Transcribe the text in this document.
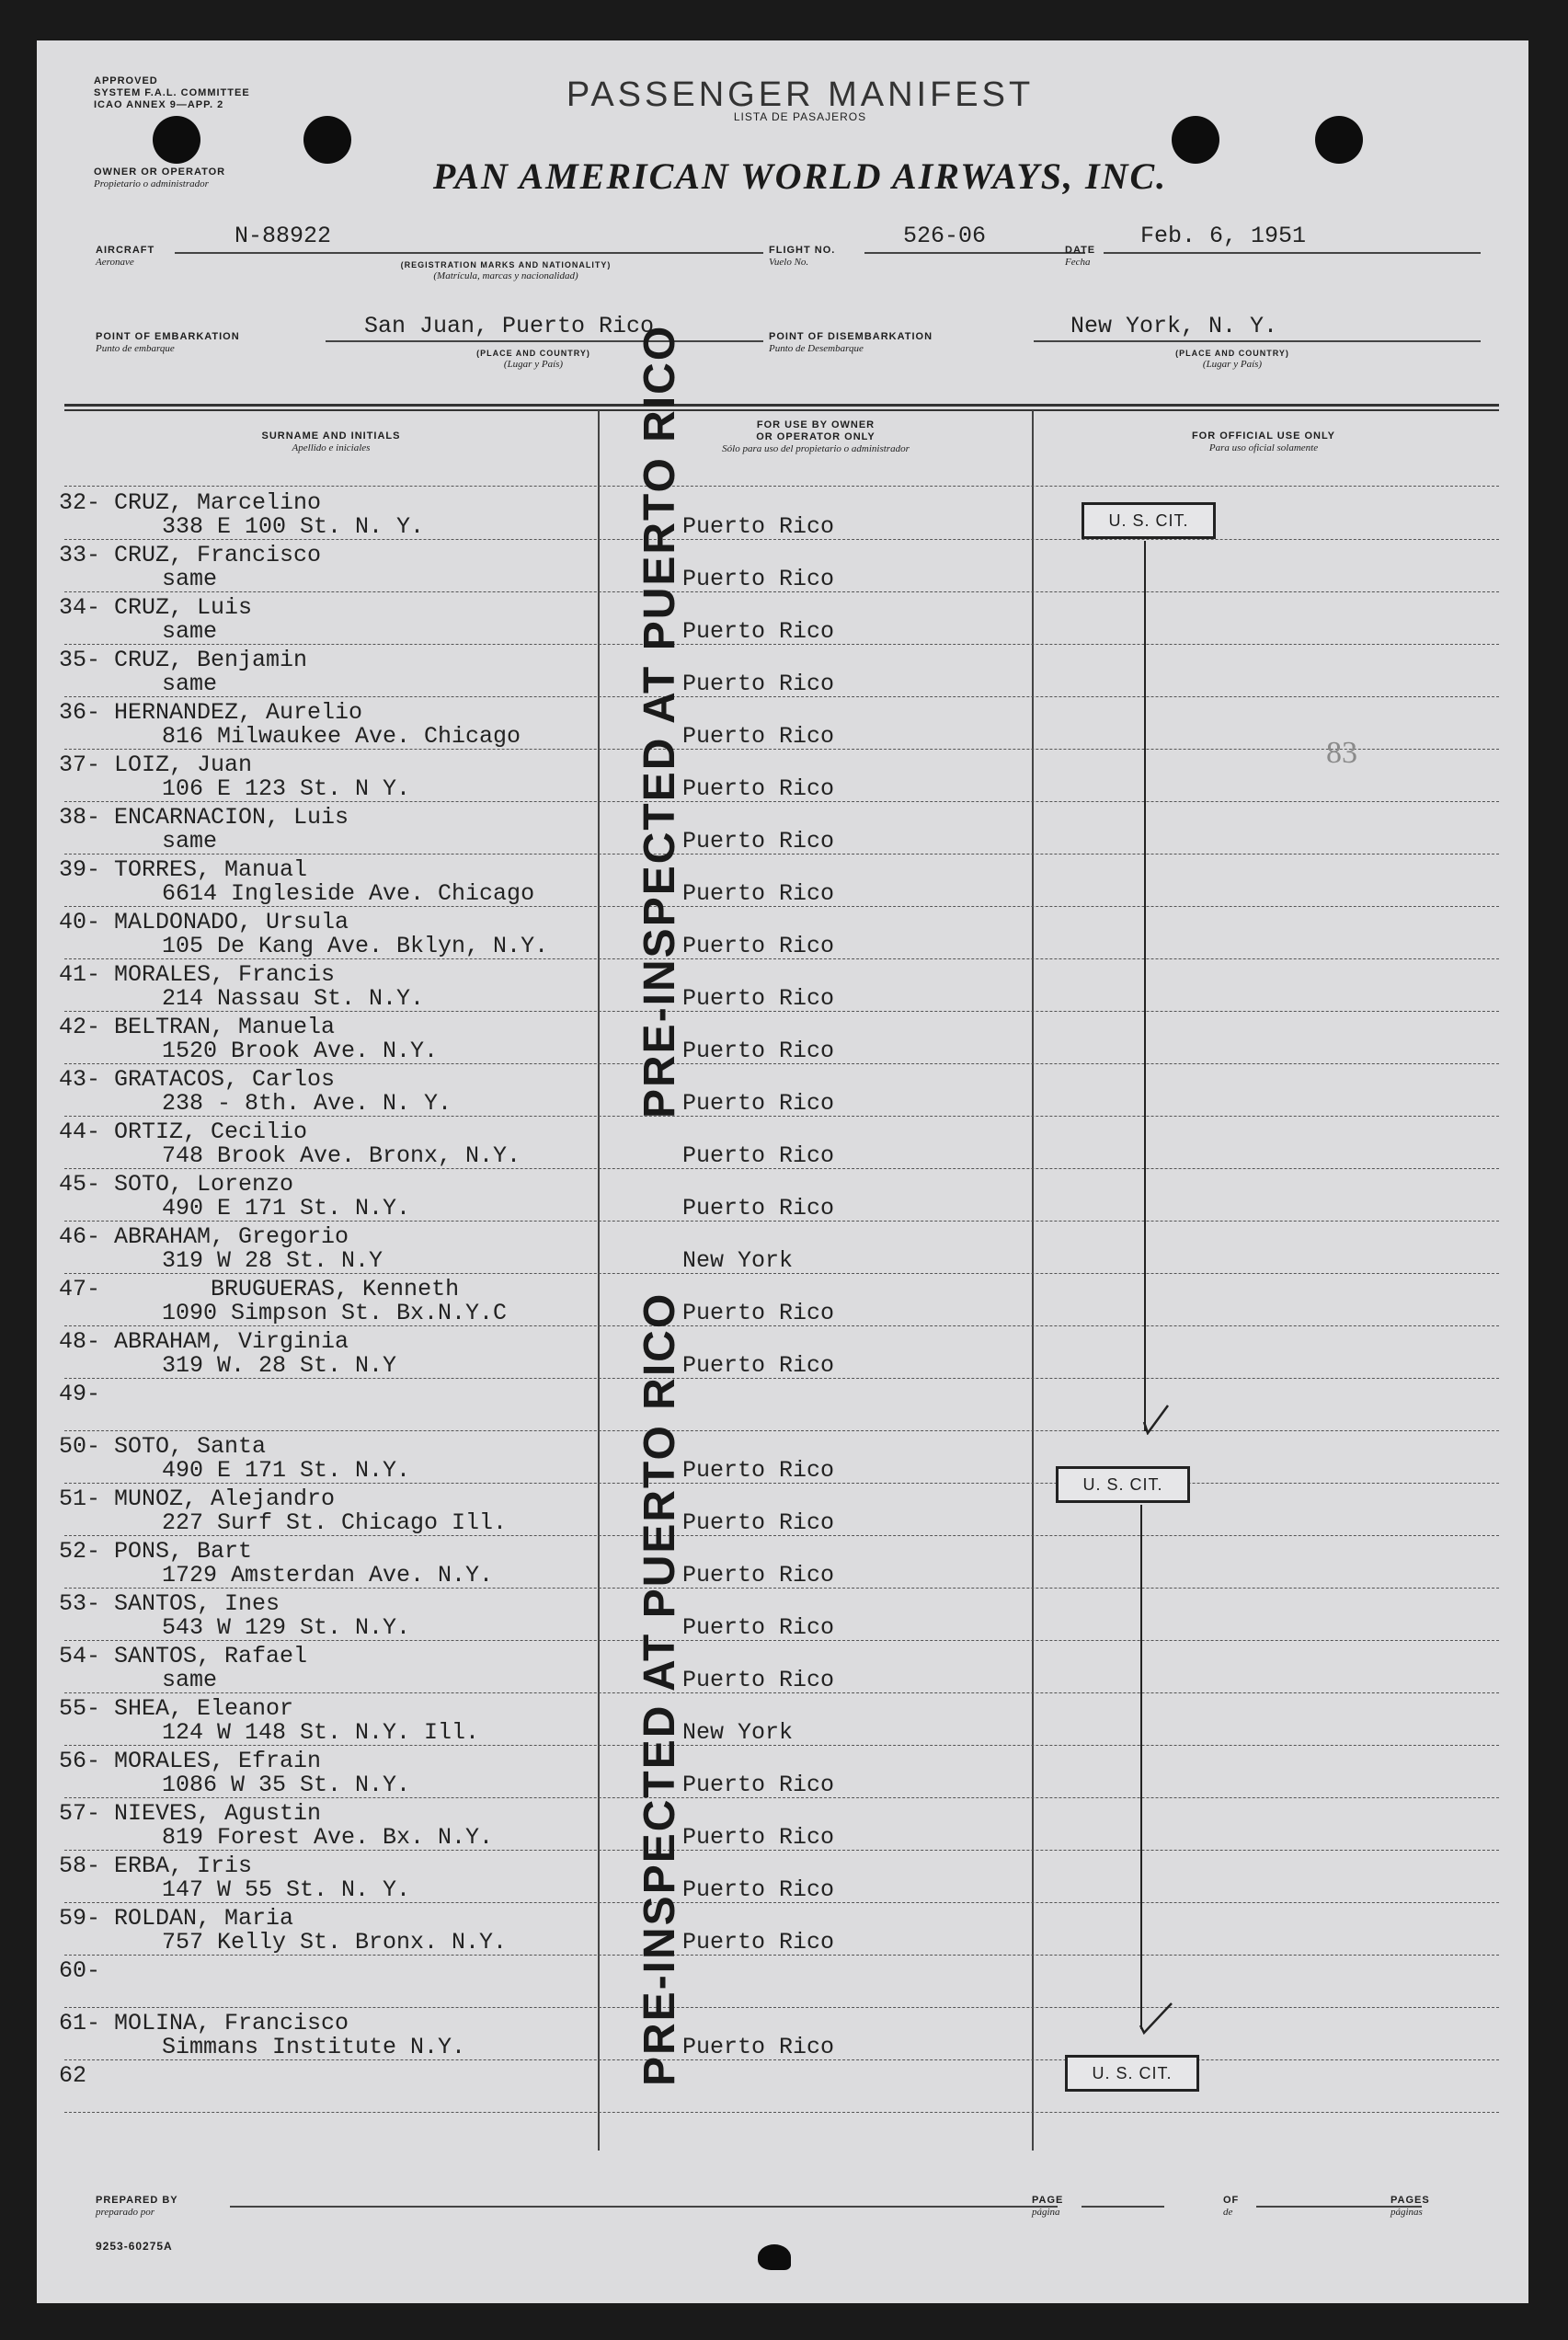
APPROVED
SYSTEM F.A.L. COMMITTEE
ICAO ANNEX 9—APP. 2	PASSENGER MANIFEST
LISTA DE PASAJEROS
OWNER OR OPERATOR
Propietario o administrador	PAN AMERICAN WORLD AIRWAYS, INC.
AIRCRAFT
Aeronave
N-88922
(REGISTRATION MARKS AND NATIONALITY)
(Matrícula, marcas y nacionalidad)
FLIGHT NO.
Vuelo No.
526-06
DATE
Fecha
Feb. 6, 1951
POINT OF EMBARKATION
Punto de embarque
San Juan, Puerto Rico
(PLACE AND COUNTRY)
(Lugar y País)
POINT OF DISEMBARKATION
Punto de Desembarque
New York, N. Y.
(PLACE AND COUNTRY)
(Lugar y País)
SURNAME AND INITIALS
Apellido e iniciales
FOR USE BY OWNER
OR OPERATOR ONLY
Sólo para uso del propietario o administrador
FOR OFFICIAL USE ONLY
Para uso oficial solamente
32- CRUZ, Marcelino
338 E 100 St. N. Y.	Puerto Rico
33- CRUZ, Francisco
same	Puerto Rico
34- CRUZ, Luis
same	Puerto Rico
35- CRUZ, Benjamin
same	Puerto Rico
36- HERNANDEZ, Aurelio
816 Milwaukee Ave. Chicago	Puerto Rico
37- LOIZ, Juan
106 E 123 St. N Y.	Puerto Rico
38- ENCARNACION, Luis
same	Puerto Rico
39- TORRES, Manual
6614 Ingleside Ave. Chicago	Puerto Rico
40- MALDONADO, Ursula
105 De Kang Ave. Bklyn, N.Y.	Puerto Rico
41- MORALES, Francis
214 Nassau St. N.Y.	Puerto Rico
42- BELTRAN, Manuela
1520 Brook Ave. N.Y.	Puerto Rico
43- GRATACOS, Carlos
238 - 8th. Ave. N. Y.	Puerto Rico
44- ORTIZ, Cecilio
748 Brook Ave. Bronx, N.Y.	Puerto Rico
45- SOTO, Lorenzo
490 E 171 St. N.Y.	Puerto Rico
46- ABRAHAM, Gregorio
319 W 28 St. N.Y	New York
47-        BRUGUERAS, Kenneth
1090 Simpson St. Bx.N.Y.C	Puerto Rico
48- ABRAHAM, Virginia
319 W. 28 St. N.Y	Puerto Rico
49-
50- SOTO, Santa
490 E 171 St. N.Y.	Puerto Rico
51- MUNOZ, Alejandro
227 Surf St. Chicago Ill.	Puerto Rico
52- PONS, Bart
1729 Amsterdan Ave. N.Y.	Puerto Rico
53- SANTOS, Ines
543 W 129 St. N.Y.	Puerto Rico
54- SANTOS, Rafael
same	Puerto Rico
55- SHEA, Eleanor
124 W 148 St. N.Y. Ill.	New York
56- MORALES, Efrain
1086 W 35 St. N.Y.	Puerto Rico
57- NIEVES, Agustin
819 Forest Ave. Bx. N.Y.	Puerto Rico
58- ERBA, Iris
147 W 55 St. N. Y.	Puerto Rico
59- ROLDAN, Maria
757 Kelly St. Bronx. N.Y.	Puerto Rico
60-
61- MOLINA, Francisco
Simmans Institute N.Y.	Puerto Rico
62
PRE-INSPECTED AT PUERTO RICO
PRE-INSPECTED AT PUERTO RICO
U. S. CIT.
U. S. CIT.
U. S. CIT.
83
PREPARED BY
preparado por
PAGE
página
OF
de
PAGES
páginas
9253-60275A
